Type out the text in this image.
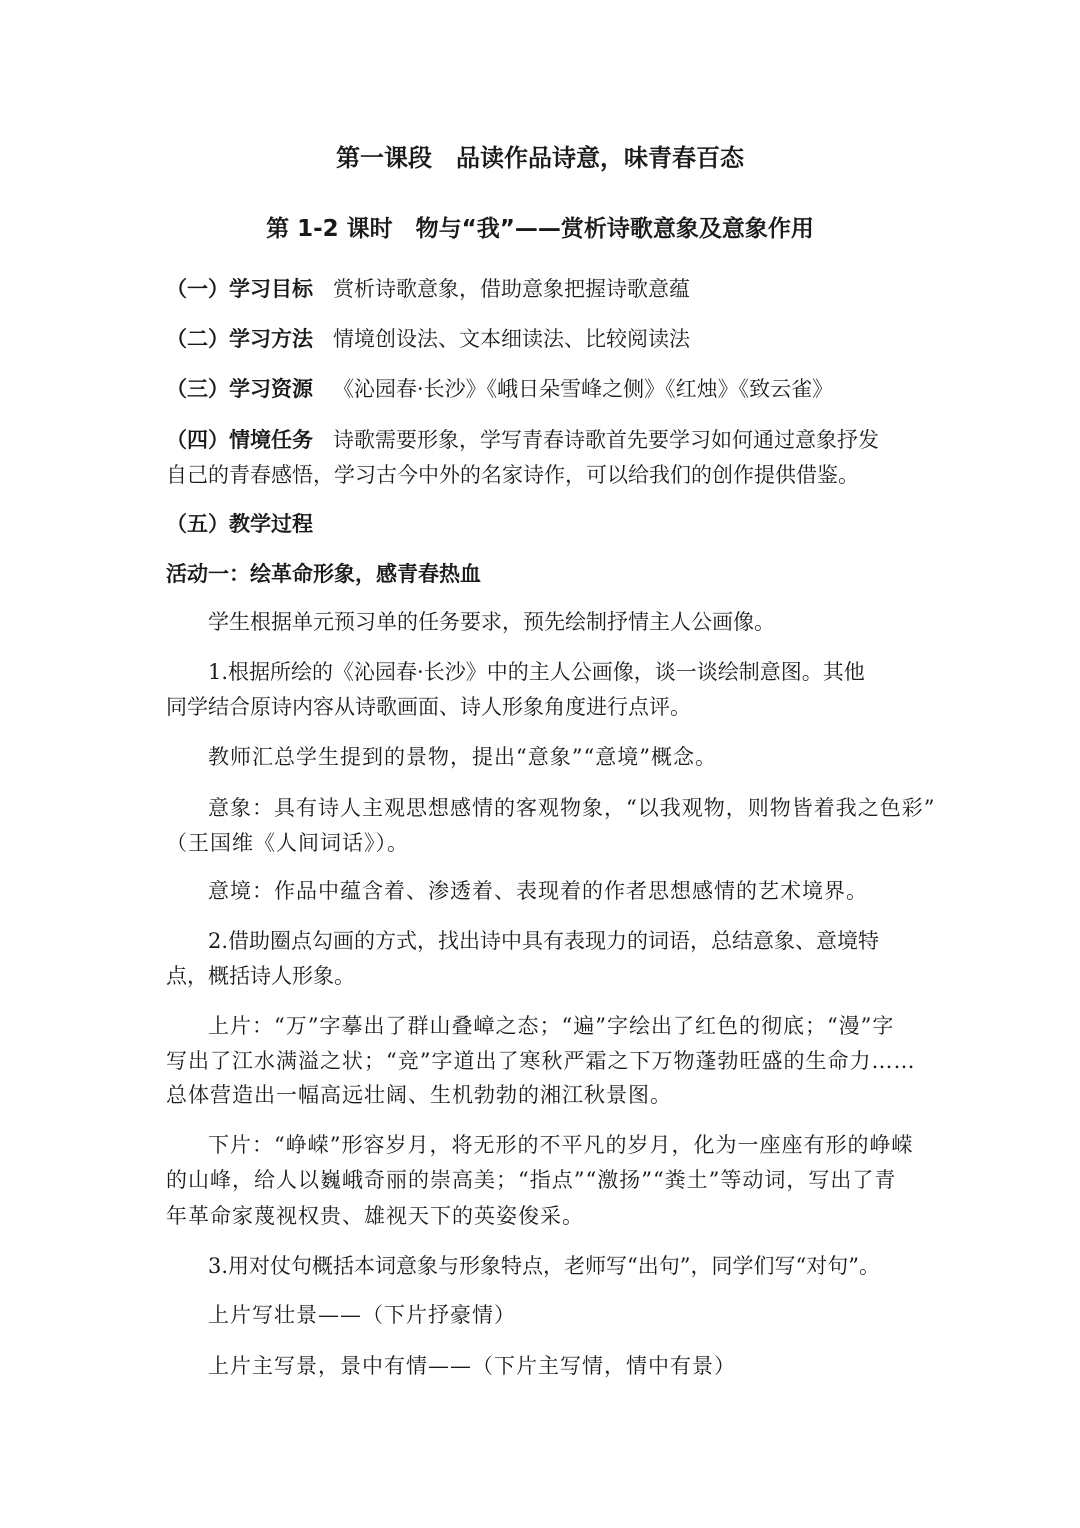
第一课段　品读作品诗意，味青春百态
第 1-2 课时　物与“我”——赏析诗歌意象及意象作用
（一）学习目标 赏析诗歌意象，借助意象把握诗歌意蕴
（二）学习方法 情境创设法、文本细读法、比较阅读法
（三）学习资源 《沁园春·长沙》《峨日朵雪峰之侧》《红烛》《致云雀》
（四）情境任务 诗歌需要形象，学写青春诗歌首先要学习如何通过意象抒发
自己的青春感悟，学习古今中外的名家诗作，可以给我们的创作提供借鉴。
（五）教学过程
活动一：绘革命形象，感青春热血
学生根据单元预习单的任务要求，预先绘制抒情主人公画像。
1.根据所绘的《沁园春·长沙》中的主人公画像，谈一谈绘制意图。其他
同学结合原诗内容从诗歌画面、诗人形象角度进行点评。
教师汇总学生提到的景物，提出“意象”“意境”概念。
意象：具有诗人主观思想感情的客观物象，“以我观物，则物皆着我之色彩”
（王国维《人间词话》）。
意境：作品中蕴含着、渗透着、表现着的作者思想感情的艺术境界。
2.借助圈点勾画的方式，找出诗中具有表现力的词语，总结意象、意境特
点，概括诗人形象。
上片：“万”字摹出了群山叠嶂之态；“遍”字绘出了红色的彻底；“漫”字
写出了江水满溢之状；“竞”字道出了寒秋严霜之下万物蓬勃旺盛的生命力……
总体营造出一幅高远壮阔、生机勃勃的湘江秋景图。
下片：“峥嵘”形容岁月，将无形的不平凡的岁月，化为一座座有形的峥嵘
的山峰，给人以巍峨奇丽的崇高美；“指点”“激扬”“粪土”等动词，写出了青
年革命家蔑视权贵、雄视天下的英姿俊采。
3.用对仗句概括本词意象与形象特点，老师写“出句”，同学们写“对句”。
上片写壮景——（下片抒豪情）
上片主写景，景中有情——（下片主写情，情中有景）
